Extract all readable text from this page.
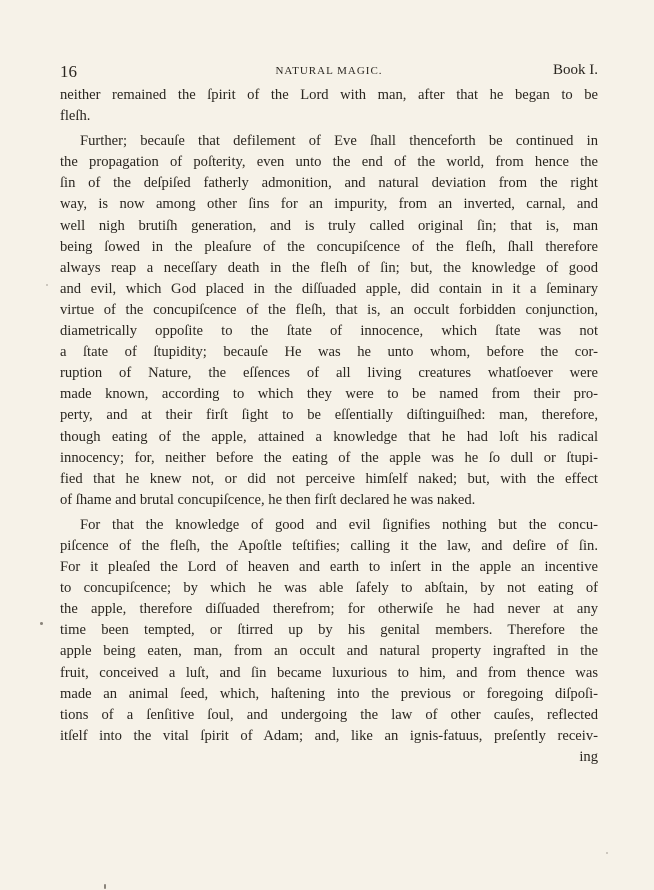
16	NATURAL MAGIC.	Book I.

neither remained the ſpirit of the Lord with man, after that he began to be
fleſh.

Further; becauſe that defilement of Eve ſhall thenceforth be continued in
the propagation of poſterity, even unto the end of the world, from hence the
ſin of the deſpiſed fatherly admonition, and natural deviation from the right
way, is now among other ſins for an impurity, from an inverted, carnal, and
well nigh brutiſh generation, and is truly called original ſin; that is, man
being ſowed in the pleaſure of the concupiſcence of the fleſh, ſhall therefore
always reap a neceſſary death in the fleſh of ſin; but, the knowledge of good
and evil, which God placed in the diſſuaded apple, did contain in it a ſeminary
virtue of the concupiſcence of the fleſh, that is, an occult forbidden conjunction,
diametrically oppoſite to the ſtate of innocence, which ſtate was not
a ſtate of ſtupidity; becauſe He was he unto whom, before the cor-
ruption of Nature, the eſſences of all living creatures whatſoever were
made known, according to which they were to be named from their pro-
perty, and at their firſt ſight to be eſſentially diſtinguiſhed: man, therefore,
though eating of the apple, attained a knowledge that he had loſt his radical
innocency; for, neither before the eating of the apple was he ſo dull or ſtupi-
fied that he knew not, or did not perceive himſelf naked; but, with the effect
of ſhame and brutal concupiſcence, he then firſt declared he was naked.

For that the knowledge of good and evil ſignifies nothing but the concu-
piſcence of the fleſh, the Apoſtle teſtifies; calling it the law, and deſire of ſin.
For it pleaſed the Lord of heaven and earth to inſert in the apple an incentive
to concupiſcence; by which he was able ſafely to abſtain, by not eating of
the apple, therefore diſſuaded therefrom; for otherwiſe he had never at any
time been tempted, or ſtirred up by his genital members. Therefore the
apple being eaten, man, from an occult and natural property ingrafted in the
fruit, conceived a luſt, and ſin became luxurious to him, and from thence was
made an animal ſeed, which, haſtening into the previous or foregoing diſpoſi-
tions of a ſenſitive ſoul, and undergoing the law of other cauſes, reflected
itſelf into the vital ſpirit of Adam; and, like an ignis-fatuus, preſently receiv-

ing
